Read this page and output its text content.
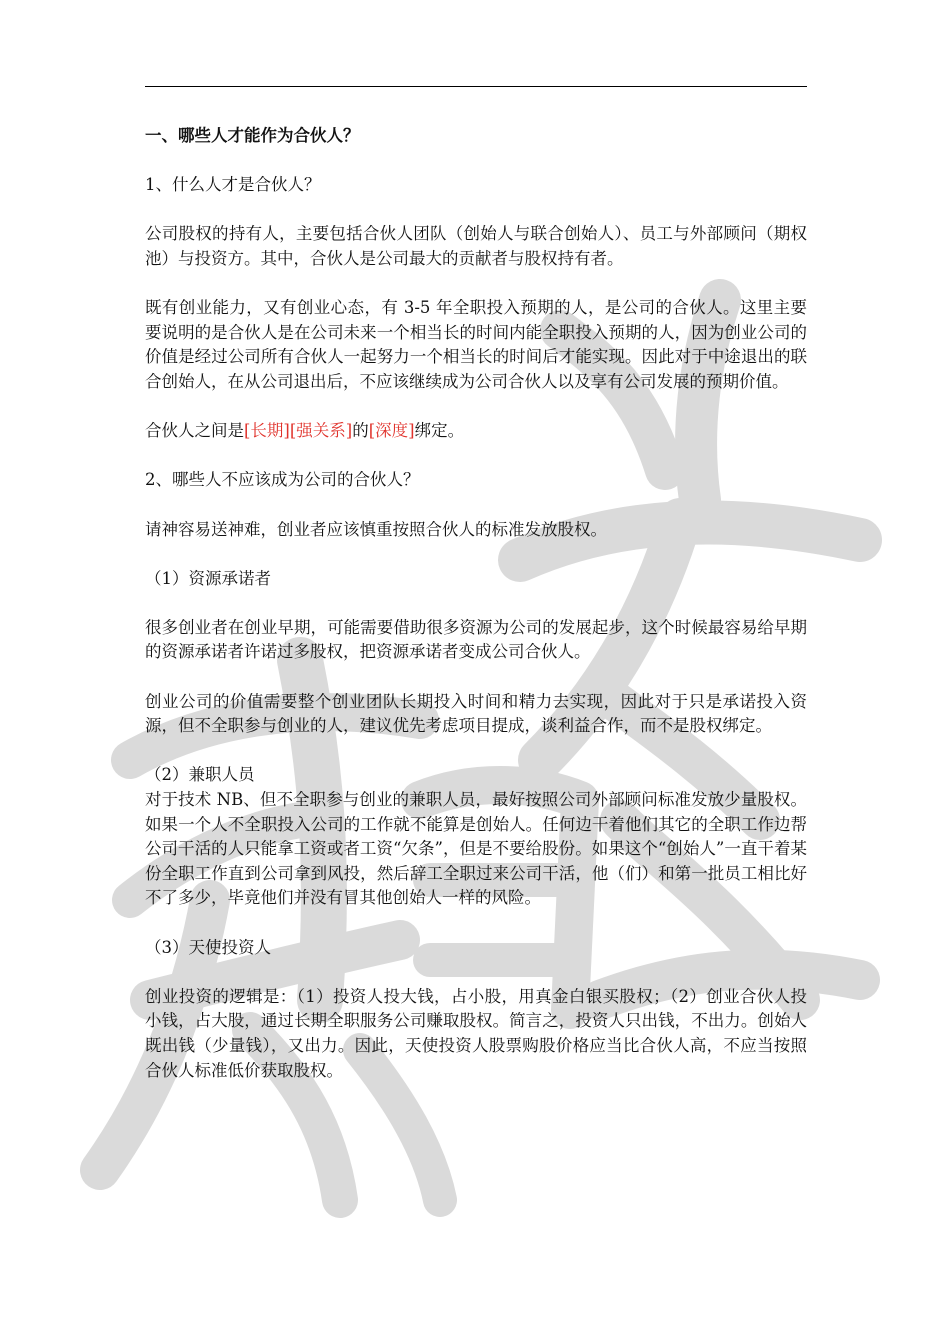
一、哪些人才能作为合伙人？

1、什么人才是合伙人？

公司股权的持有人，主要包括合伙人团队（创始人与联合创始人）、员工与外部顾问（期权池）与投资方。其中，合伙人是公司最大的贡献者与股权持有者。

既有创业能力，又有创业心态，有 3-5 年全职投入预期的人，是公司的合伙人。这里主要要说明的是合伙人是在公司未来一个相当长的时间内能全职投入预期的人，因为创业公司的价值是经过公司所有合伙人一起努力一个相当长的时间后才能实现。因此对于中途退出的联合创始人，在从公司退出后，不应该继续成为公司合伙人以及享有公司发展的预期价值。

合伙人之间是[长期][强关系]的[深度]绑定。

2、哪些人不应该成为公司的合伙人？

请神容易送神难，创业者应该慎重按照合伙人的标准发放股权。

（1）资源承诺者

很多创业者在创业早期，可能需要借助很多资源为公司的发展起步，这个时候最容易给早期的资源承诺者许诺过多股权，把资源承诺者变成公司合伙人。

创业公司的价值需要整个创业团队长期投入时间和精力去实现，因此对于只是承诺投入资源，但不全职参与创业的人，建议优先考虑项目提成，谈利益合作，而不是股权绑定。

（2）兼职人员

对于技术 NB、但不全职参与创业的兼职人员，最好按照公司外部顾问标准发放少量股权。如果一个人不全职投入公司的工作就不能算是创始人。任何边干着他们其它的全职工作边帮公司干活的人只能拿工资或者工资“欠条”，但是不要给股份。如果这个“创始人”一直干着某份全职工作直到公司拿到风投，然后辞工全职过来公司干活，他（们）和第一批员工相比好不了多少，毕竟他们并没有冒其他创始人一样的风险。

（3）天使投资人

创业投资的逻辑是：（1）投资人投大钱，占小股，用真金白银买股权；（2）创业合伙人投小钱，占大股，通过长期全职服务公司赚取股权。简言之，投资人只出钱，不出力。创始人既出钱（少量钱），又出力。因此，天使投资人股票购股价格应当比合伙人高，不应当按照合伙人标准低价获取股权。
